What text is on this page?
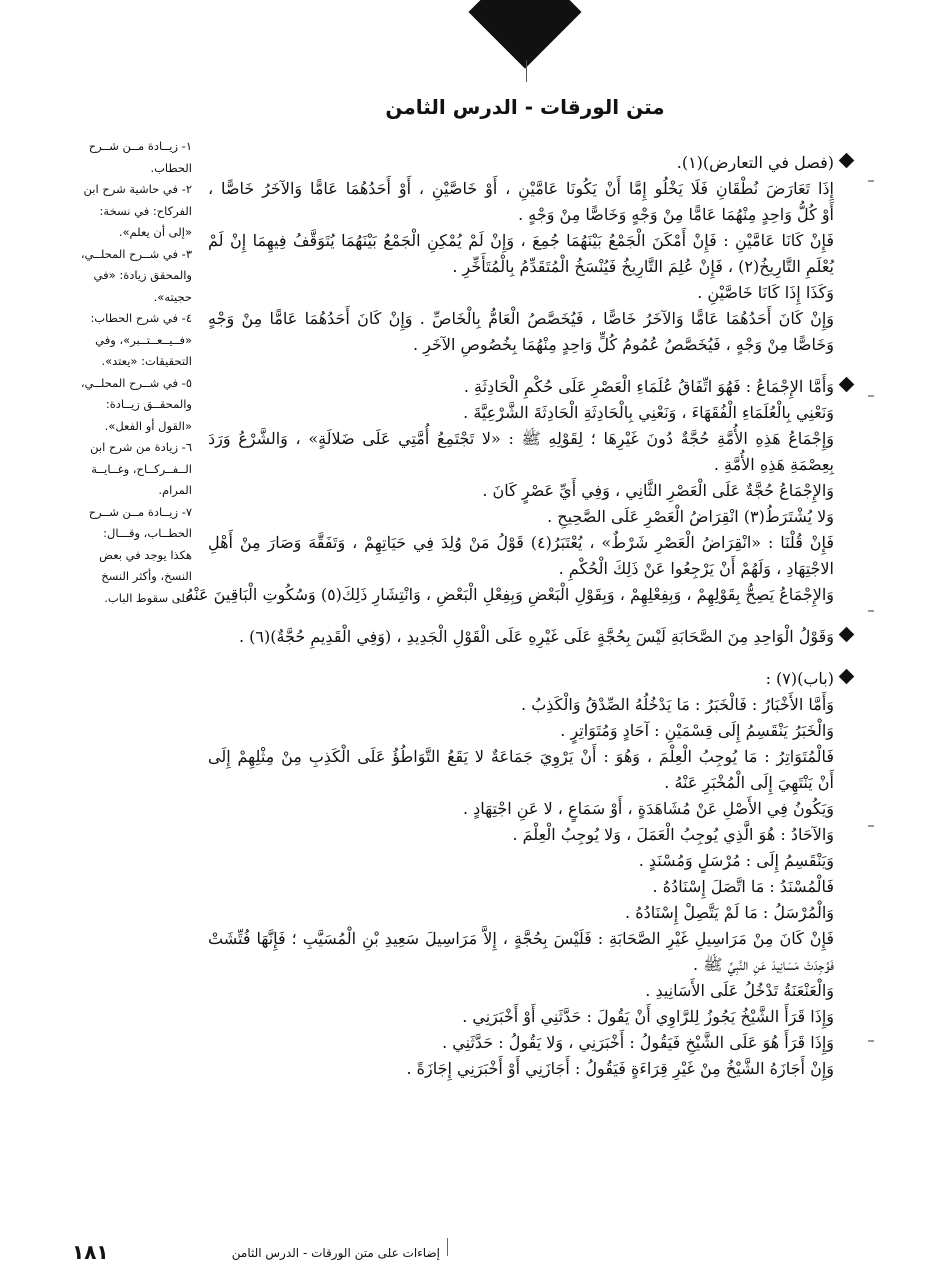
متن الورقات - الدرس الثامن

١- زيــادة مــن شــرح

الحطاب.

٢- في حاشية شرح ابن

الفركاح: في نسخة:

«إلى أن يعلم».

٣- في شــرح المحلــي،

والمحقق زيادة: «في

حجيته».

٤- في شرح الحطاب:

«فــيــعــتــبر»، وفي

التحقيقات: «يعتد».

٥- في شــرح المحلــي،

والمحقــق زيــادة:

«القول أو الفعل».

٦- زيادة من شرح ابن

الــفــركــاح، وغــايــة

المرام.

٧- زيــادة مــن شــرح

الحطــاب، وقـــال:

هكذا يوجد في بعض

النسخ، وأكثر النسخ

على سقوط الباب.

(فصل في التعارض)(١).
إِذَا تَعَارَضَ نُطْقَانِ فَلَا يَخْلُو إِمَّا أَنْ يَكُونَا عَامَّيْنِ ، أَوْ خَاصَّيْنِ ، أَوْ أَحَدُهُمَا عَامًّا وَالآخَرُ خَاصًّا ،
أَوْ كُلُّ وَاحِدٍ مِنْهُمَا عَامًّا مِنْ وَجْهٍ وَخَاصًّا مِنْ وَجْهٍ .
فَإِنْ كَانَا عَامَّيْنِ : فَإِنْ أَمْكَنَ الْجَمْعُ بَيْنَهُمَا جُمِعَ ، وَإِنْ لَمْ يُمْكِنِ الْجَمْعُ بَيْنَهُمَا يُتَوَقَّفُ فِيهِمَا إِنْ لَمْ
يُعْلَمِ التَّارِيخُ(٢) ، فَإِنْ عُلِمَ التَّارِيخُ فَيُنْسَخُ الْمُتَقَدِّمُ بِالْمُتَأَخِّرِ .
وَكَذَا إِذَا كَانَا خَاصَّيْنِ .
وَإِنْ كَانَ أَحَدُهُمَا عَامًّا وَالآخَرُ خَاصًّا ، فَيُخَصَّصُ الْعَامُّ بِالْخَاصِّ . وَإِنْ كَانَ أَحَدُهُمَا عَامًّا مِنْ وَجْهٍ
وَخَاصًّا مِنْ وَجْهٍ ، فَيُخَصَّصُ عُمُومُ كُلٍّ وَاحِدٍ مِنْهُمَا بِخُصُوصِ الآخَرِ .
وَأَمَّا الإِجْمَاعُ : فَهُوَ اتِّفَاقُ عُلَمَاءِ الْعَصْرِ عَلَى حُكْمِ الْحَادِثَةِ .
وَنَعْنِي بِالْعُلَمَاءِ الْفُقَهَاءَ ، وَنَعْنِي بِالْحَادِثَةِ الْحَادِثَةَ الشَّرْعِيَّةَ .
وَإِجْمَاعُ هَذِهِ الأُمَّةِ حُجَّةٌ دُونَ غَيْرِهَا ؛ لِقَوْلِهِ ﷺ : «لا تَجْتَمِعُ أُمَّتِي عَلَى ضَلالَةٍ» ، وَالشَّرْعُ وَرَدَ
بِعِصْمَةِ هَذِهِ الأُمَّةِ .
وَالإِجْمَاعُ حُجَّةٌ عَلَى الْعَصْرِ الثَّانِي ، وَفِي أَيِّ عَصْرٍ كَانَ .
وَلا يُشْتَرَطُ(٣) انْقِرَاضُ الْعَصْرِ عَلَى الصَّحِيحِ .
فَإِنْ قُلْنَا : «انْقِرَاضُ الْعَصْرِ شَرْطٌ» ، يُعْتَبَرُ(٤) قَوْلُ مَنْ وُلِدَ فِي حَيَاتِهِمْ ، وَتَفَقَّهَ وَصَارَ مِنْ أَهْلِ
الاجْتِهَادِ ، وَلَهُمْ أَنْ يَرْجِعُوا عَنْ ذَلِكَ الْحُكْمِ .
وَالإِجْمَاعُ يَصِحُّ بِقَوْلِهِمْ ، وَبِفِعْلِهِمْ ، وَبِقَوْلِ الْبَعْضِ وَبِفِعْلِ الْبَعْضِ ، وَانْتِشَارِ ذَلِكَ(٥) وَسُكُوتِ الْبَاقِينَ عَنْهُ .
وَقَوْلُ الْوَاحِدِ مِنَ الصَّحَابَةِ لَيْسَ بِحُجَّةٍ عَلَى غَيْرِهِ عَلَى الْقَوْلِ الْجَدِيدِ ، (وَفِي الْقَدِيمِ حُجَّةٌ)(٦) .
(باب)(٧) :
وَأَمَّا الأَخْبَارُ : فَالْخَبَرُ : مَا يَدْخُلُهُ الصِّدْقُ وَالْكَذِبُ .
وَالْخَبَرُ يَنْقَسِمُ إِلَى قِسْمَيْنِ : آحَادٍ وَمُتَوَاتِرٍ .
فَالْمُتَوَاتِرُ : مَا يُوجِبُ الْعِلْمَ ، وَهُوَ : أَنْ يَرْوِيَ جَمَاعَةٌ لا يَقَعُ التَّوَاطُؤُ عَلَى الْكَذِبِ مِنْ مِثْلِهِمْ إِلَى
أَنْ يَنْتَهِيَ إِلَى الْمُخْبَرِ عَنْهُ .
وَيَكُونُ فِي الأَصْلِ عَنْ مُشَاهَدَةٍ ، أَوْ سَمَاعٍ ، لا عَنِ اجْتِهَادٍ .
وَالآحَادُ : هُوَ الَّذِي يُوجِبُ الْعَمَلَ ، وَلا يُوجِبُ الْعِلْمَ .
وَيَنْقَسِمُ إِلَى : مُرْسَلٍ وَمُسْنَدٍ .
فَالْمُسْنَدُ : مَا اتَّصَلَ إِسْنَادُهُ .
وَالْمُرْسَلُ : مَا لَمْ يَتَّصِلْ إِسْنَادُهُ .
فَإِنْ كَانَ مِنْ مَرَاسِيلِ غَيْرِ الصَّحَابَةِ : فَلَيْسَ بِحُجَّةٍ ، إِلاَّ مَرَاسِيلَ سَعِيدِ بْنِ الْمُسَيَّبِ ؛ فَإِنَّهَا فُتِّشَتْ
فَوُجِدَتْ مَسَانِيدَ عَنِ النَّبِيِّ ﷺ .
وَالْعَنْعَنَةُ تَدْخُلُ عَلَى الأَسَانِيدِ .
وَإِذَا قَرَأَ الشَّيْخُ يَجُوزُ لِلرَّاوِي أَنْ يَقُولَ : حَدَّثَنِي أَوْ أَخْبَرَنِي .
وَإِذَا قَرَأَ هُوَ عَلَى الشَّيْخِ فَيَقُولُ : أَخْبَرَنِي ، وَلا يَقُولُ : حَدَّثَنِي .
وَإِنْ أَجَازَهُ الشَّيْخُ مِنْ غَيْرِ قِرَاءَةٍ فَيَقُولُ : أَجَازَنِي أَوْ أَخْبَرَنِي إِجَازَةً .
إضاءات على متن الورقات - الدرس الثامن
١٨١
